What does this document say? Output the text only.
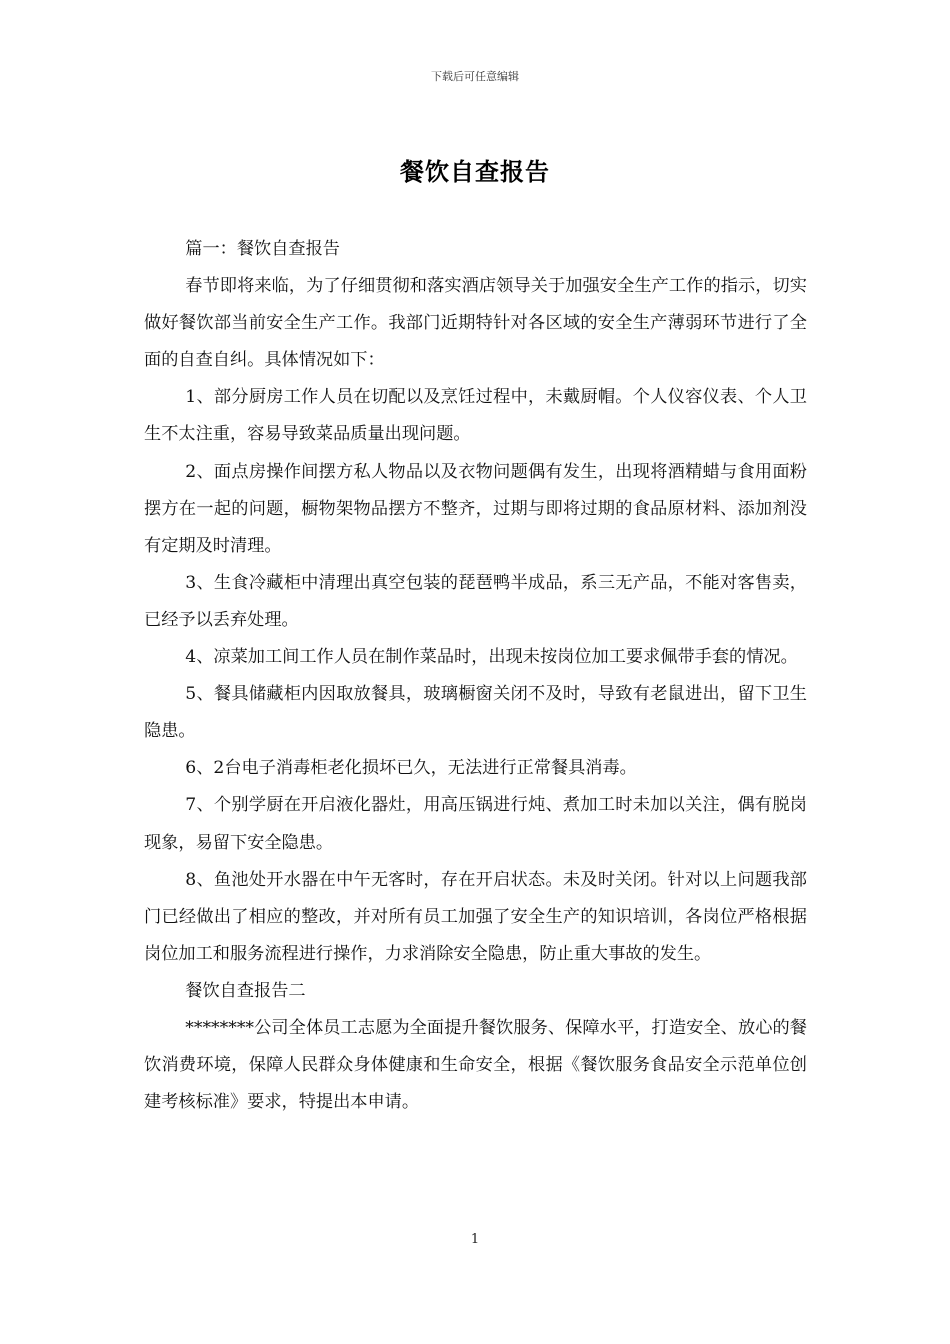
下载后可任意编辑
餐饮自查报告

篇一：餐饮自查报告

春节即将来临，为了仔细贯彻和落实酒店领导关于加强安全生产工作的指示，切实做好餐饮部当前安全生产工作。我部门近期特针对各区域的安全生产薄弱环节进行了全面的自查自纠。具体情况如下：

1、部分厨房工作人员在切配以及烹饪过程中，未戴厨帽。个人仪容仪表、个人卫生不太注重，容易导致菜品质量出现问题。

2、面点房操作间摆方私人物品以及衣物问题偶有发生，出现将酒精蜡与食用面粉摆方在一起的问题，橱物架物品摆方不整齐，过期与即将过期的食品原材料、添加剂没有定期及时清理。

3、生食冷藏柜中清理出真空包装的琵琶鸭半成品，系三无产品，不能对客售卖，已经予以丢弃处理。

4、凉菜加工间工作人员在制作菜品时，出现未按岗位加工要求佩带手套的情况。

5、餐具储藏柜内因取放餐具，玻璃橱窗关闭不及时，导致有老鼠进出，留下卫生隐患。

6、2台电子消毒柜老化损坏已久，无法进行正常餐具消毒。

7、个别学厨在开启液化器灶，用高压锅进行炖、煮加工时未加以关注，偶有脱岗现象，易留下安全隐患。

8、鱼池处开水器在中午无客时，存在开启状态。未及时关闭。针对以上问题我部门已经做出了相应的整改，并对所有员工加强了安全生产的知识培训，各岗位严格根据岗位加工和服务流程进行操作，力求消除安全隐患，防止重大事故的发生。

餐饮自查报告二

********公司全体员工志愿为全面提升餐饮服务、保障水平，打造安全、放心的餐饮消费环境，保障人民群众身体健康和生命安全，根据《餐饮服务食品安全示范单位创建考核标准》要求，特提出本申请。

1
